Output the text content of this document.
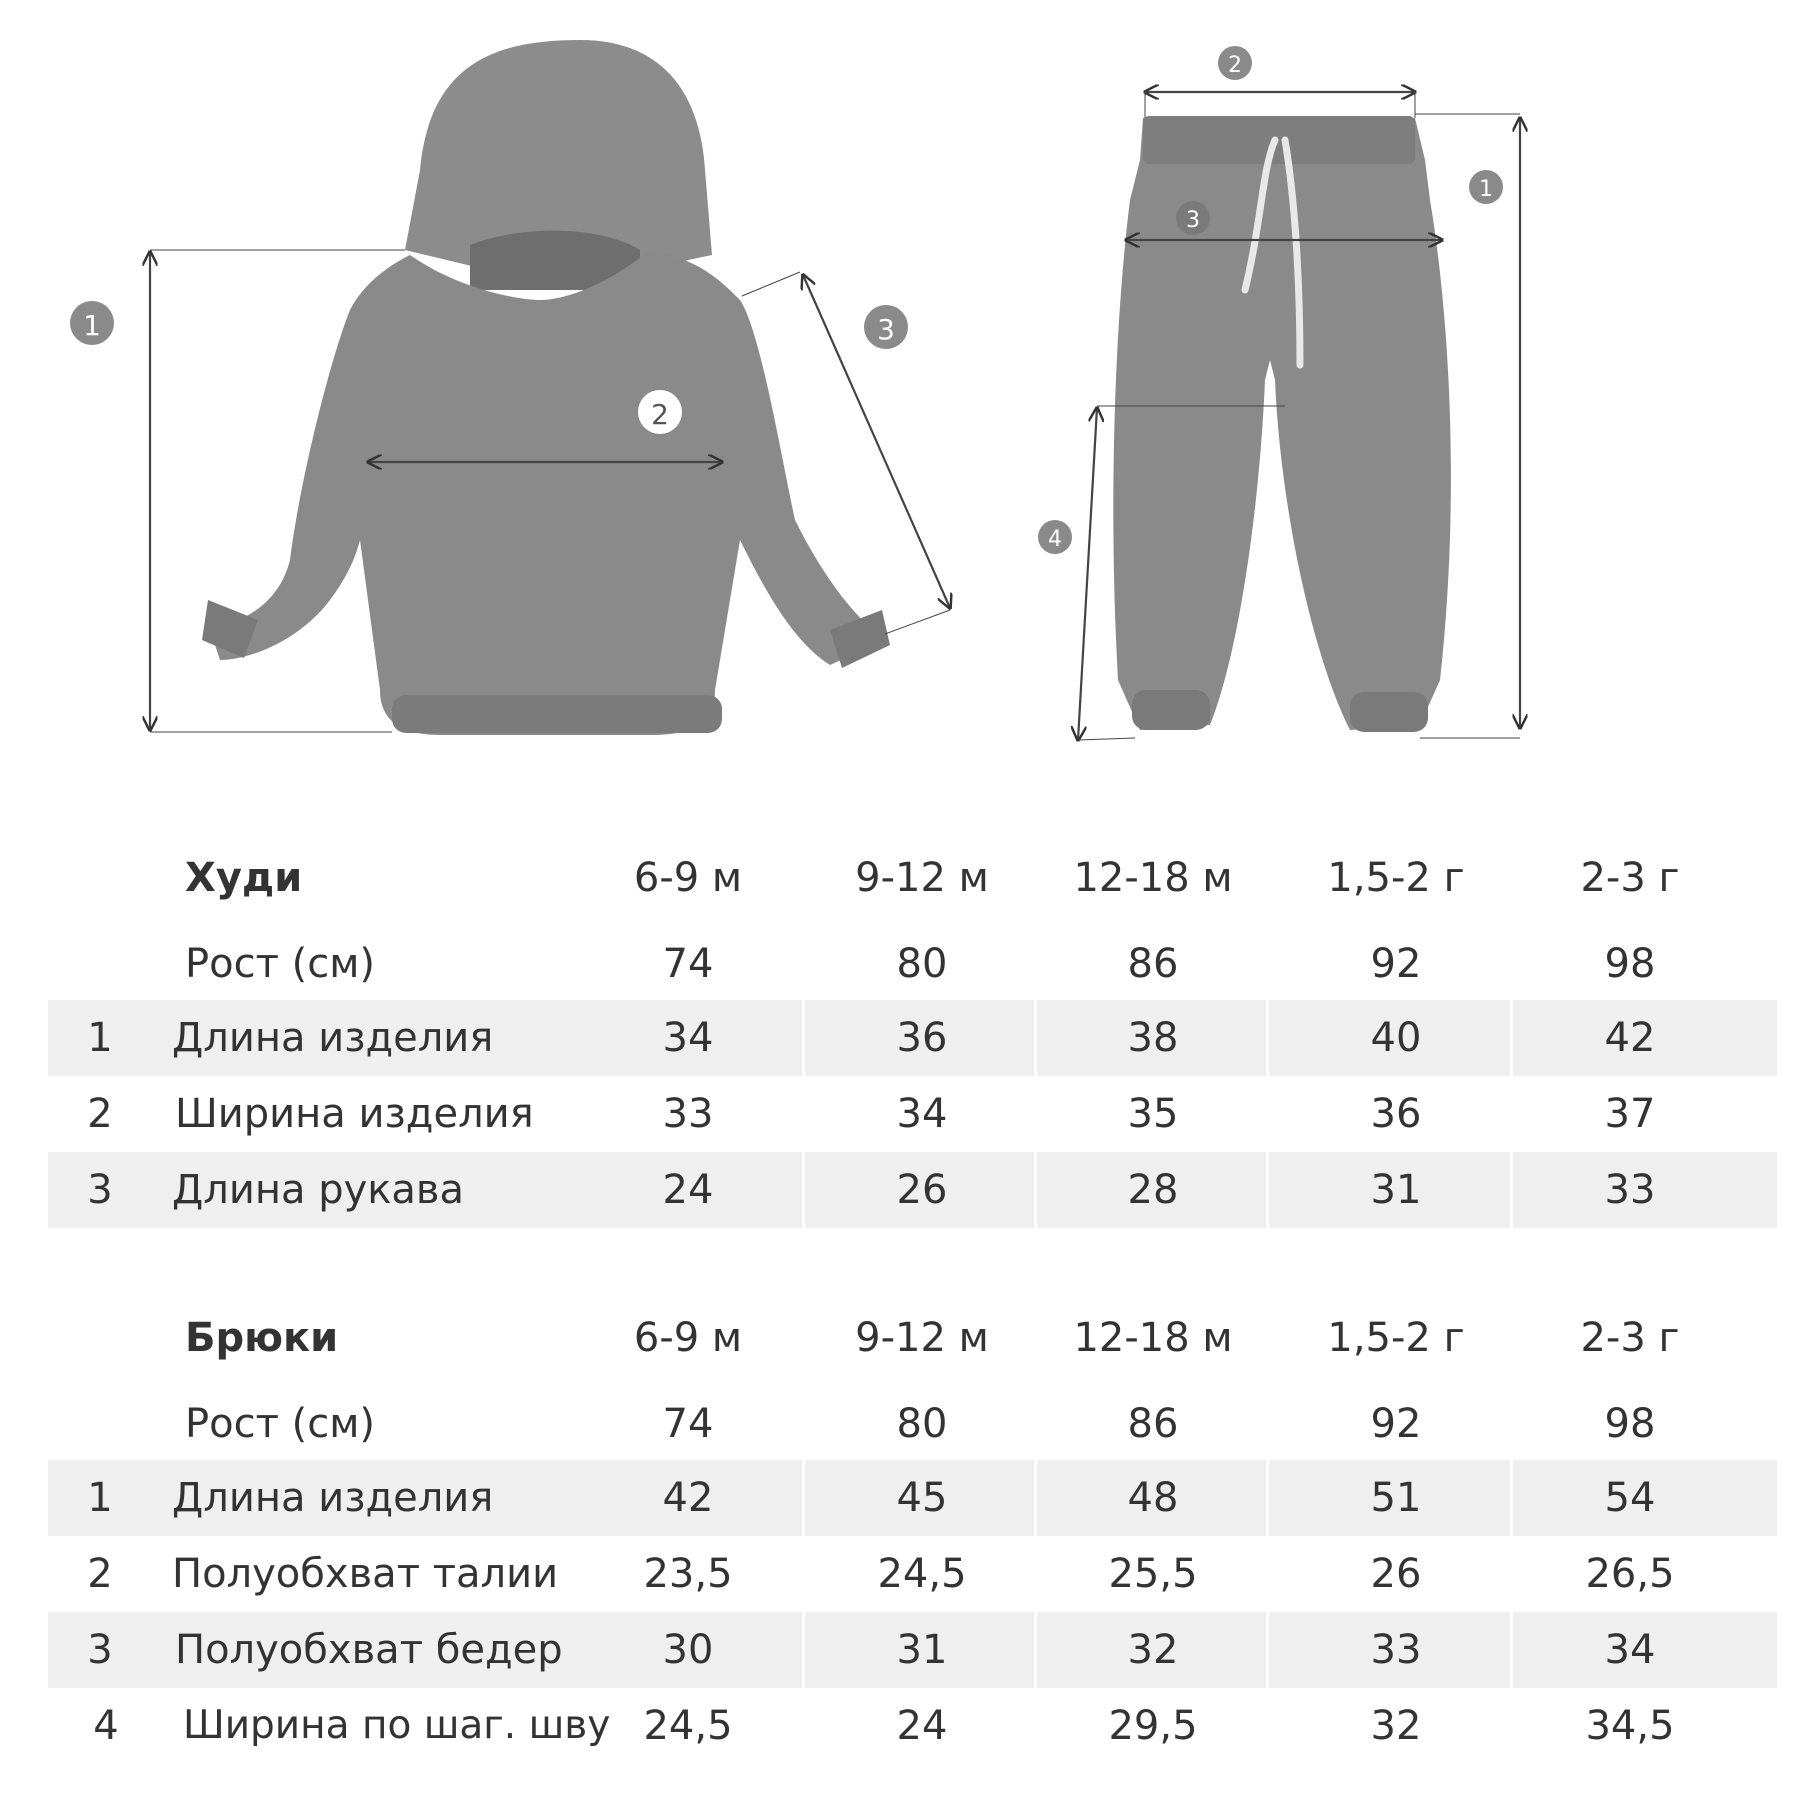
1
2
3
2
1
3
4
Худи	6-9 м	9-12 м	12-18 м	1,5-2 г	2-3 г
Рост (см)	74	80	86	92	98
1	Длина изделия	34	36	38	40	42
2	Ширина изделия	33	34	35	36	37
3	Длина рукава	24	26	28	31	33
Брюки	6-9 м	9-12 м	12-18 м	1,5-2 г	2-3 г
Рост (см)	74	80	86	92	98
1	Длина изделия	42	45	48	51	54
2	Полуобхват талии	23,5	24,5	25,5	26	26,5
3	Полуобхват бедер	30	31	32	33	34
4	Ширина по шаг. шву 24,5	24	29,5	32	34,5
